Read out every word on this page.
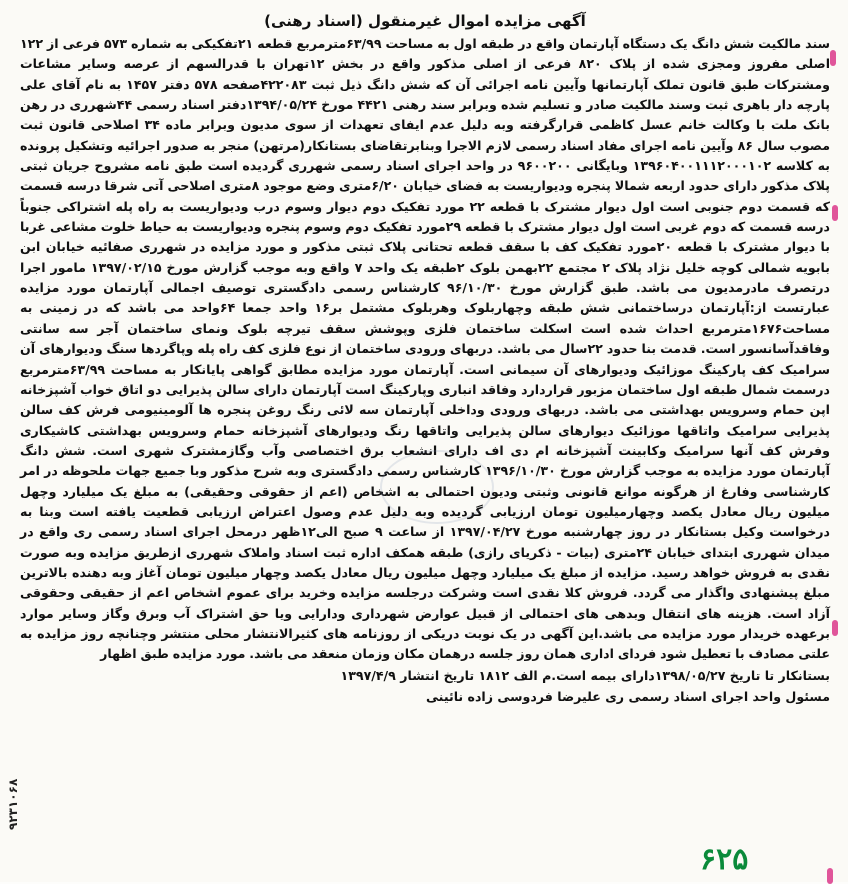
آگهی مزایده اموال غیرمنقول (اسناد رهنی)
سند مالکیت شش دانگ یک دستگاه آپارتمان واقع در طبقه اول به مساحت ۶۳/۹۹مترمربع قطعه ۲۱تفکیکی به شماره ۵۷۳ فرعی از ۱۲۲ اصلی مفروز ومجزی شده از پلاک ۸۲۰ فرعی از اصلی مذکور واقع در بخش ۱۲تهران با قدرالسهم از عرصه وسایر مشاعات ومشترکات طبق قانون تملک آپارتمانها وآیین نامه اجرائی آن که شش دانگ ذیل ثبت ۴۲۲۰۸۳صفحه ۵۷۸ دفتر ۱۴۵۷ به نام آقای علی پارچه دار باهری ثبت وسند مالکیت صادر و تسلیم شده وبرابر سند رهنی ۴۴۲۱ مورخ ۱۳۹۴/۰۵/۲۴دفتر اسناد رسمی ۴۴شهرری در رهن بانک ملت با وکالت خانم عسل کاظمی قرارگرفته وبه دلیل عدم ایفای تعهدات از سوی مدیون وبرابر ماده ۳۴ اصلاحی قانون ثبت مصوب سال ۸۶ وآیین نامه اجرای مفاد اسناد رسمی لازم الاجرا وبنابرتقاضای بستانکار(مرتهن) منجر به صدور اجرائیه وتشکیل پرونده به کلاسه ۱۳۹۶۰۴۰۰۱۱۱۲۰۰۰۱۰۲ وبایگانی ۹۶۰۰۲۰۰ در واحد اجرای اسناد رسمی شهرری گردیده است طبق نامه مشروح جریان ثبتی پلاک مذکور دارای حدود اربعه شمالا پنجره ودیواریست به فضای خیابان ۶/۲۰متری وضع موجود ۸متری اصلاحی آتی شرقا درسه قسمت که قسمت دوم جنوبی است اول دیوار مشترک با قطعه ۲۲ مورد تفکیک دوم دیوار وسوم درب ودیواریست به راه پله اشتراکی جنوباً درسه قسمت که دوم غربی است اول دیوار مشترک با قطعه ۲۹مورد تفکیک دوم وسوم پنجره ودیواریست به حیاط خلوت مشاعی غربا با دیوار مشترک با قطعه ۲۰مورد تفکیک کف با سقف قطعه تحتانی پلاک ثبتی مذکور و مورد مزایده در شهرری صفائیه خیابان ابن بابویه شمالی کوچه خلیل نژاد پلاک ۲ مجتمع ۲۲بهمن بلوک ۲طبقه یک واحد ۷ واقع وبه موجب گزارش مورخ ۱۳۹۷/۰۲/۱۵ مامور اجرا درتصرف مادرمدیون می باشد. طبق گزارش مورخ ۹۶/۱۰/۳۰ کارشناس رسمی دادگستری توصیف اجمالی آپارتمان مورد مزایده عبارتست از:آپارتمان درساختمانی شش طبقه وچهاربلوک وهربلوک مشتمل بر۱۶ واحد جمعا ۶۴واحد می باشد که در زمینی به مساحت۱۶۷۶مترمربع احداث شده است اسکلت ساختمان فلزی وپوشش سقف تیرچه بلوک ونمای ساختمان آجر سه سانتی وفاقدآسانسور است. قدمت بنا حدود ۲۲سال می باشد. دربهای ورودی ساختمان از نوع فلزی کف راه پله وپاگردها سنگ ودیوارهای آن سرامیک کف پارکینگ موزائیک ودیوارهای آن سیمانی است. آپارتمان مورد مزایده مطابق گواهی پایانکار به مساحت ۶۳/۹۹مترمربع درسمت شمال طبقه اول ساختمان مزبور قراردارد وفاقد انباری وپارکینگ است آپارتمان دارای سالن پذیرایی دو اتاق خواب آشپزخانه اپن حمام وسرویس بهداشتی می باشد. دربهای ورودی وداخلی آپارتمان سه لائی رنگ روغن پنجره ها آلومینیومی فرش کف سالن پذیرایی سرامیک واتاقها موزائیک دیوارهای سالن پذیرایی واتاقها رنگ ودیوارهای آشپزخانه حمام وسرویس بهداشتی کاشیکاری وفرش کف آنها سرامیک وکابینت آشپزخانه ام دی اف دارای انشعاب برق اختصاصی وآب وگازمشترک شهری است. شش دانگ آپارتمان مورد مزایده به موجب گزارش مورخ ۱۳۹۶/۱۰/۳۰ کارشناس رسمی دادگستری وبه شرح مذکور وبا جمیع جهات ملحوظه در امر کارشناسی وفارغ از هرگونه موانع قانونی وثبتی ودیون احتمالی به اشخاص (اعم از حقوقی وحقیقی) به مبلغ یک میلیارد وچهل میلیون ریال معادل یکصد وچهارمیلیون تومان ارزیابی گردیده وبه دلیل عدم وصول اعتراض ارزیابی قطعیت یافته است وبنا به درخواست وکیل بستانکار در روز چهارشنبه مورخ ۱۳۹۷/۰۴/۲۷ از ساعت ۹ صبح الی۱۲ظهر درمحل اجرای اسناد رسمی ری واقع در میدان شهرری ابتدای خیابان ۲۴متری (بیات - ذکریای رازی) طبقه همکف اداره ثبت اسناد واملاک شهرری ازطریق مزایده وبه صورت نقدی به فروش خواهد رسید. مزایده از مبلغ یک میلیارد وچهل میلیون ریال معادل یکصد وچهار میلیون تومان آغاز وبه دهنده بالاترین مبلغ پیشنهادی واگذار می گردد. فروش کلا نقدی است وشرکت درجلسه مزایده وخرید برای عموم اشخاص اعم از حقیقی وحقوقی آزاد است. هزینه های انتقال وبدهی های احتمالی از قبیل عوارض شهرداری ودارایی ویا حق اشتراک آب وبرق وگاز وسایر موارد برعهده خریدار مورد مزایده می باشد.این آگهی در یک نوبت دریکی از روزنامه های کثیرالانتشار محلی منتشر وچنانچه روز مزایده به علتی مصادف با تعطیل شود فردای اداری همان روز جلسه درهمان مکان وزمان منعقد می باشد. مورد مزایده طبق اظهار
بستانکار تا تاریخ ۱۳۹۸/۰۵/۲۷دارای بیمه است.م الف ۱۸۱۲ تاریخ انتشار ۱۳۹۷/۴/۹
مسئول واحد اجرای اسناد رسمی ری علیرضا فردوسی زاده نائینی
۹۲۳۱۰۶۸
۶۲۵
